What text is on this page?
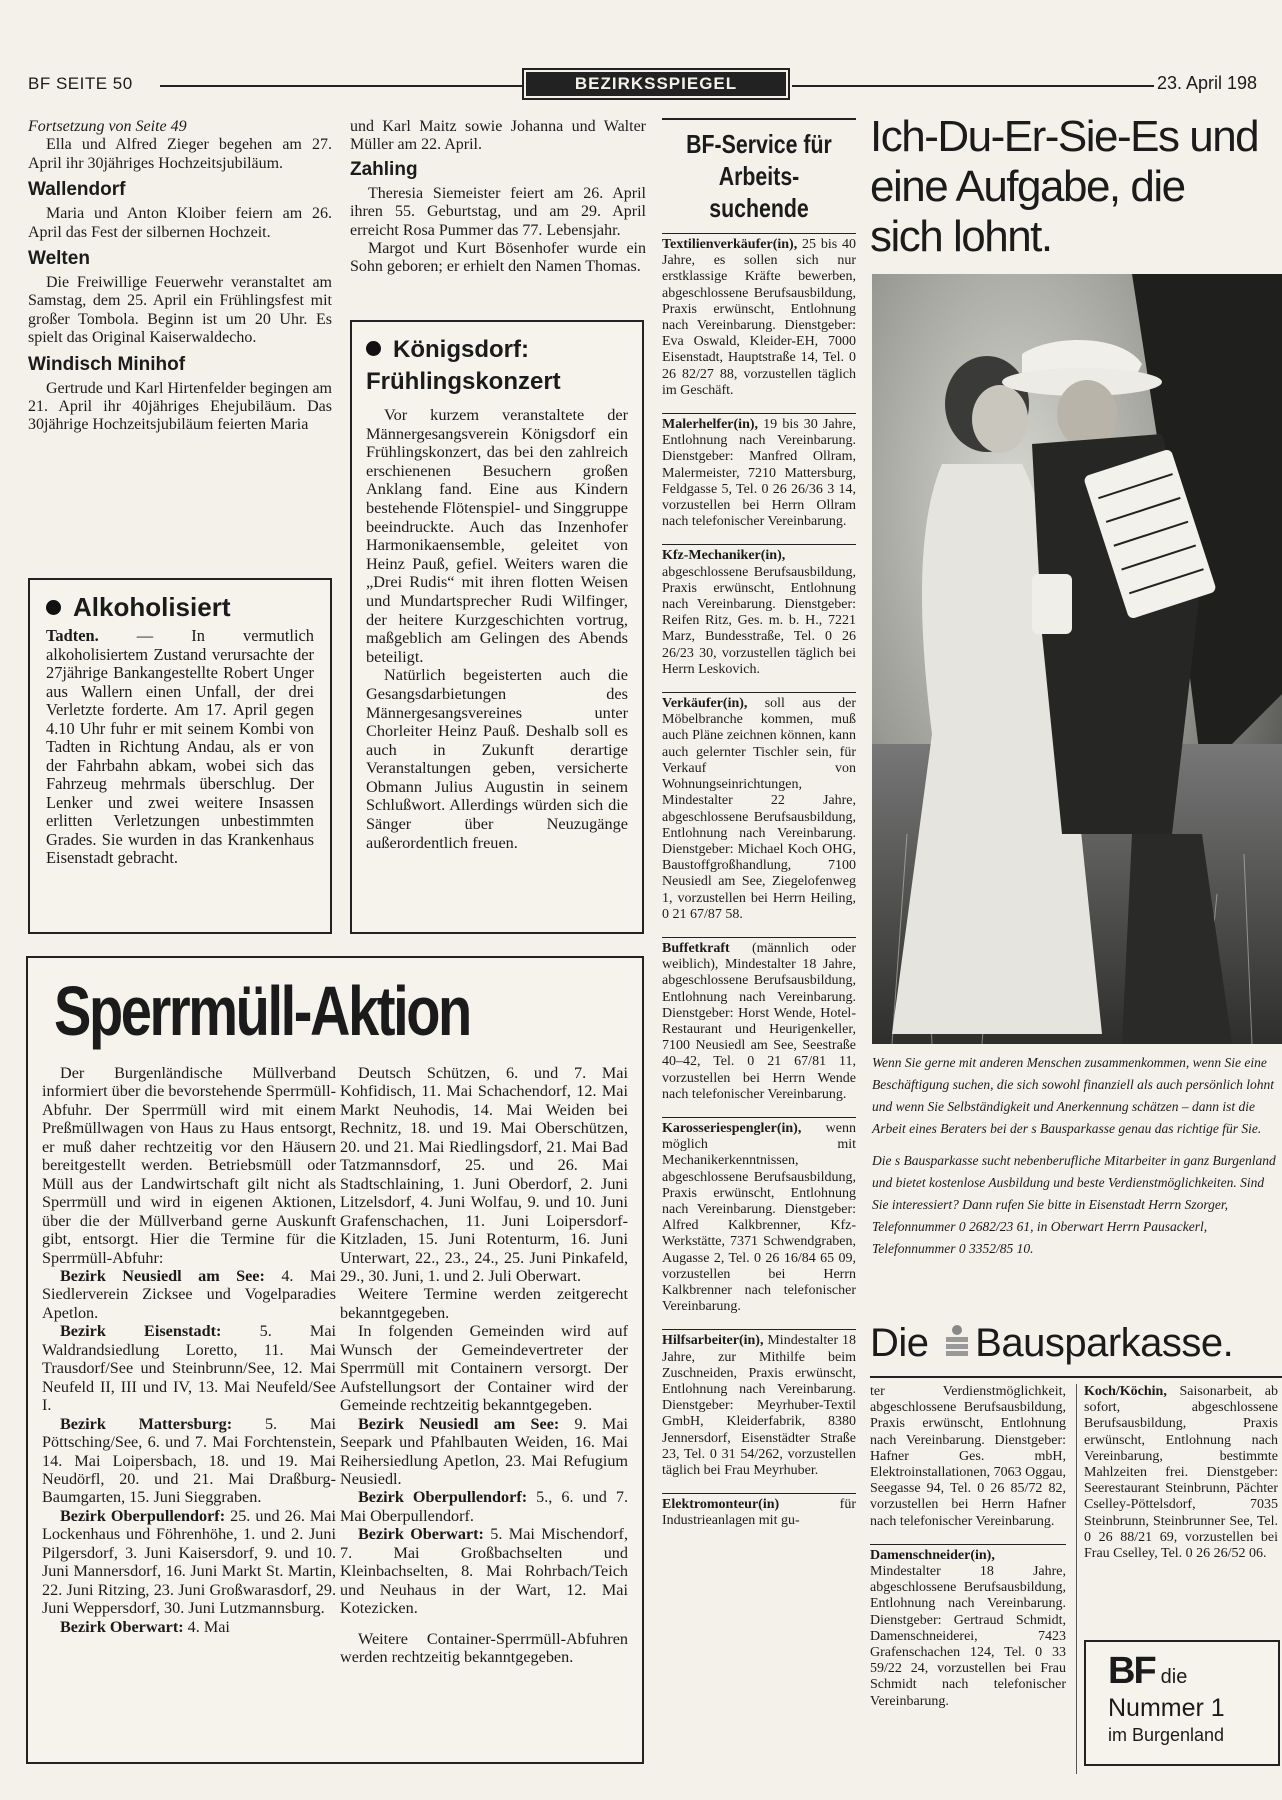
BF SEITE 50	BEZIRKSSPIEGEL	23. April 198

Fortsetzung von Seite 49

Ella und Alfred Zieger begehen am 27. April ihr 30jähriges Hochzeitsjubiläum.

Wallendorf

Maria und Anton Kloiber feiern am 26. April das Fest der silbernen Hochzeit.

Welten

Die Freiwillige Feuerwehr veranstaltet am Samstag, dem 25. April ein Frühlingsfest mit großer Tombola. Beginn ist um 20 Uhr. Es spielt das Original Kaiserwaldecho.

Windisch Minihof

Gertrude und Karl Hirtenfelder begingen am 21. April ihr 40jähriges Ehejubiläum. Das 30jährige Hochzeitsjubiläum feierten Maria

und Karl Maitz sowie Johanna und Walter Müller am 22. April.

Zahling

Theresia Siemeister feiert am 26. April ihren 55. Geburtstag, und am 29. April erreicht Rosa Pummer das 77. Lebensjahr.

Margot und Kurt Bösenhofer wurde ein Sohn geboren; er erhielt den Namen Thomas.

Alkoholisiert

Tadten. — In vermutlich alkoholisiertem Zustand verursachte der 27jährige Bankangestellte Robert Unger aus Wallern einen Unfall, der drei Verletzte forderte. Am 17. April gegen 4.10 Uhr fuhr er mit seinem Kombi von Tadten in Richtung Andau, als er von der Fahrbahn abkam, wobei sich das Fahrzeug mehrmals überschlug. Der Lenker und zwei weitere Insassen erlitten Verletzungen unbestimmten Grades. Sie wurden in das Krankenhaus Eisenstadt gebracht.

Königsdorf:
Frühlingskonzert

Vor kurzem veranstaltete der Männergesangsverein Königsdorf ein Frühlingskonzert, das bei den zahlreich erschienenen Besuchern großen Anklang fand. Eine aus Kindern bestehende Flötenspiel- und Singgruppe beeindruckte. Auch das Inzenhofer Harmonikaensemble, geleitet von Heinz Pauß, gefiel. Weiters waren die „Drei Rudis“ mit ihren flotten Weisen und Mundartsprecher Rudi Wilfinger, der heitere Kurzgeschichten vortrug, maßgeblich am Gelingen des Abends beteiligt.

Natürlich begeisterten auch die Gesangsdarbietungen des Männergesangsvereines unter Chorleiter Heinz Pauß. Deshalb soll es auch in Zukunft derartige Veranstaltungen geben, versicherte Obmann Julius Augustin in seinem Schlußwort. Allerdings würden sich die Sänger über Neuzugänge außerordentlich freuen.

Sperrmüll-Aktion

Der Burgenländische Müllverband informiert über die bevorstehende Sperrmüll-Abfuhr. Der Sperrmüll wird mit einem Preßmüllwagen von Haus zu Haus entsorgt, er muß daher rechtzeitig vor den Häusern bereitgestellt werden. Betriebsmüll oder Müll aus der Landwirtschaft gilt nicht als Sperrmüll und wird in eigenen Aktionen, über die der Müllverband gerne Auskunft gibt, entsorgt. Hier die Termine für die Sperrmüll-Abfuhr:

Bezirk Neusiedl am See: 4. Mai Siedlerverein Zicksee und Vogelparadies Apetlon.

Bezirk Eisenstadt: 5. Mai Waldrandsiedlung Loretto, 11. Mai Trausdorf/See und Steinbrunn/See, 12. Mai Neufeld II, III und IV, 13. Mai Neufeld/See I.

Bezirk Mattersburg: 5. Mai Pöttsching/See, 6. und 7. Mai Forchtenstein, 14. Mai Loipersbach, 18. und 19. Mai Neudörfl, 20. und 21. Mai Draßburg-Baumgarten, 15. Juni Sieggraben.

Bezirk Oberpullendorf: 25. und 26. Mai Lockenhaus und Föhrenhöhe, 1. und 2. Juni Pilgersdorf, 3. Juni Kaisersdorf, 9. und 10. Juni Mannersdorf, 16. Juni Markt St. Martin, 22. Juni Ritzing, 23. Juni Großwarasdorf, 29. Juni Weppersdorf, 30. Juni Lutzmannsburg.

Bezirk Oberwart: 4. Mai

Deutsch Schützen, 6. und 7. Mai Kohfidisch, 11. Mai Schachendorf, 12. Mai Markt Neuhodis, 14. Mai Weiden bei Rechnitz, 18. und 19. Mai Oberschützen, 20. und 21. Mai Riedlingsdorf, 21. Mai Bad Tatzmannsdorf, 25. und 26. Mai Stadtschlaining, 1. Juni Oberdorf, 2. Juni Litzelsdorf, 4. Juni Wolfau, 9. und 10. Juni Grafenschachen, 11. Juni Loipersdorf-Kitzladen, 15. Juni Rotenturm, 16. Juni Unterwart, 22., 23., 24., 25. Juni Pinkafeld, 29., 30. Juni, 1. und 2. Juli Oberwart.

Weitere Termine werden zeitgerecht bekanntgegeben.

In folgenden Gemeinden wird auf Wunsch der Gemeindevertreter der Sperrmüll mit Containern versorgt. Der Aufstellungsort der Container wird der Gemeinde rechtzeitig bekanntgegeben.

Bezirk Neusiedl am See: 9. Mai Seepark und Pfahlbauten Weiden, 16. Mai Reihersiedlung Apetlon, 23. Mai Refugium Neusiedl.

Bezirk Oberpullendorf: 5., 6. und 7. Mai Oberpullendorf.

Bezirk Oberwart: 5. Mai Mischendorf, 7. Mai Großbachselten und Kleinbachselten, 8. Mai Rohrbach/Teich und Neuhaus in der Wart, 12. Mai Kotezicken.

Weitere Container-Sperrmüll-Abfuhren werden rechtzeitig bekanntgegeben.

BF-Service für
Arbeits-
suchende

Textilienverkäufer(in), 25 bis 40 Jahre, es sollen sich nur erstklassige Kräfte bewerben, abgeschlossene Berufsausbildung, Praxis erwünscht, Entlohnung nach Vereinbarung. Dienstgeber: Eva Oswald, Kleider-EH, 7000 Eisenstadt, Hauptstraße 14, Tel. 0 26 82/27 88, vorzustellen täglich im Geschäft.

Malerhelfer(in), 19 bis 30 Jahre, Entlohnung nach Vereinbarung. Dienstgeber: Manfred Ollram, Malermeister, 7210 Mattersburg, Feldgasse 5, Tel. 0 26 26/36 3 14, vorzustellen bei Herrn Ollram nach telefonischer Vereinbarung.

Kfz-Mechaniker(in), abgeschlossene Berufsausbildung, Praxis erwünscht, Entlohnung nach Vereinbarung. Dienstgeber: Reifen Ritz, Ges. m. b. H., 7221 Marz, Bundesstraße, Tel. 0 26 26/23 30, vorzustellen täglich bei Herrn Leskovich.

Verkäufer(in), soll aus der Möbelbranche kommen, muß auch Pläne zeichnen können, kann auch gelernter Tischler sein, für Verkauf von Wohnungseinrichtungen, Mindestalter 22 Jahre, abgeschlossene Berufsausbildung, Entlohnung nach Vereinbarung. Dienstgeber: Michael Koch OHG, Baustoffgroßhandlung, 7100 Neusiedl am See, Ziegelofenweg 1, vorzustellen bei Herrn Heiling, 0 21 67/87 58.

Buffetkraft (männlich oder weiblich), Mindestalter 18 Jahre, abgeschlossene Berufsausbildung, Entlohnung nach Vereinbarung. Dienstgeber: Horst Wende, Hotel-Restaurant und Heurigenkeller, 7100 Neusiedl am See, Seestraße 40–42, Tel. 0 21 67/81 11, vorzustellen bei Herrn Wende nach telefonischer Vereinbarung.

Karosseriespengler(in), wenn möglich mit Mechanikerkenntnissen, abgeschlossene Berufsausbildung, Praxis erwünscht, Entlohnung nach Vereinbarung. Dienstgeber: Alfred Kalkbrenner, Kfz-Werkstätte, 7371 Schwendgraben, Augasse 2, Tel. 0 26 16/84 65 09, vorzustellen bei Herrn Kalkbrenner nach telefonischer Vereinbarung.

Hilfsarbeiter(in), Mindestalter 18 Jahre, zur Mithilfe beim Zuschneiden, Praxis erwünscht, Entlohnung nach Vereinbarung. Dienstgeber: Meyrhuber-Textil GmbH, Kleiderfabrik, 8380 Jennersdorf, Eisenstädter Straße 23, Tel. 0 31 54/262, vorzustellen täglich bei Frau Meyrhuber.

Elektromonteur(in) für Industrieanlagen mit gu-

Ich-Du-Er-Sie-Es und
eine Aufgabe, die
sich lohnt.

Wenn Sie gerne mit anderen Menschen zusammenkommen, wenn Sie eine Beschäftigung suchen, die sich sowohl finanziell als auch persönlich lohnt und wenn Sie Selbständigkeit und Anerkennung schätzen – dann ist die Arbeit eines Beraters bei der s Bausparkasse genau das richtige für Sie.

Die s Bausparkasse sucht nebenberufliche Mitarbeiter in ganz Burgenland und bietet kostenlose Ausbildung und beste Verdienstmöglichkeiten. Sind Sie interessiert? Dann rufen Sie bitte in Eisenstadt Herrn Szorger, Telefonnummer 0 2682/23 61, in Oberwart Herrn Pausackerl, Telefonnummer 0 3352/85 10.

Die Bausparkasse.

ter Verdienstmöglichkeit, abgeschlossene Berufsausbildung, Praxis erwünscht, Entlohnung nach Vereinbarung. Dienstgeber: Hafner Ges. mbH, Elektroinstallationen, 7063 Oggau, Seegasse 94, Tel. 0 26 85/72 82, vorzustellen bei Herrn Hafner nach telefonischer Vereinbarung.

Damenschneider(in), Mindestalter 18 Jahre, abgeschlossene Berufsausbildung, Entlohnung nach Vereinbarung. Dienstgeber: Gertraud Schmidt, Damenschneiderei, 7423 Grafenschachen 124, Tel. 0 33 59/22 24, vorzustellen bei Frau Schmidt nach telefonischer Vereinbarung.

Koch/Köchin, Saisonarbeit, ab sofort, abgeschlossene Berufsausbildung, Praxis erwünscht, Entlohnung nach Vereinbarung, bestimmte Mahlzeiten frei. Dienstgeber: Seerestaurant Steinbrunn, Pächter Cselley-Pöttelsdorf, 7035 Steinbrunn, Steinbrunner See, Tel. 0 26 88/21 69, vorzustellen bei Frau Cselley, Tel. 0 26 26/52 06.

BF die
Nummer 1
im Burgenland
